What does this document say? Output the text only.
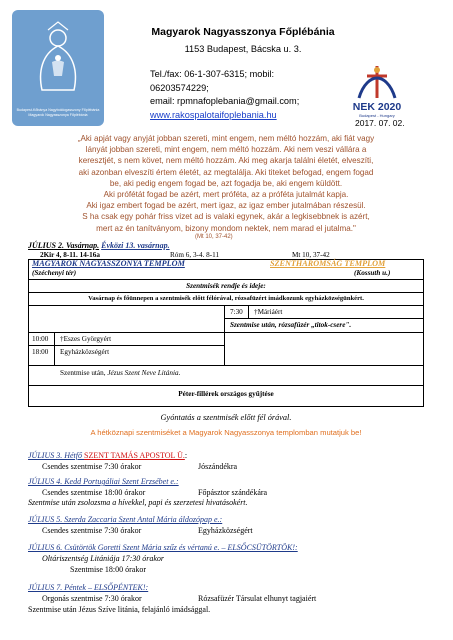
Budapest-Kőbánya Nagyboldogasszony Főplébánia Magyarok Nagyasszonya Főplébánia
Magyarok Nagyasszonya Főplébánia
1153 Budapest, Bácska u. 3.
Tel./fax: 06-1-307-6315; mobil:
06203574229;
email: rpmnafoplebania@gmail.com;
www.rakospalotaifoplebania.hu
NEK 2020
Budapest - Hungary
2017. 07. 02.
„Aki apját vagy anyját jobban szereti, mint engem, nem méltó hozzám, aki fiát vagy
lányát jobban szereti, mint engem, nem méltó hozzám. Aki nem veszi vállára a
keresztjét, s nem követ, nem méltó hozzám. Aki meg akarja találni életét, elveszíti,
aki azonban elveszíti értem életét, az megtalálja. Aki titeket befogad, engem fogad
be, aki pedig engem fogad be, azt fogadja be, aki engem küldött.
Aki prófétát fogad be azért, mert próféta, az a próféta jutalmát kapja.
Aki igaz embert fogad be azért, mert igaz, az igaz ember jutalmában részesül.
S ha csak egy pohár friss vizet ad is valaki egynek, akár a legkisebbnek is azért,
mert az én tanítványom, bizony mondom nektek, nem marad el jutalma."
(Mt 10, 37-42)
JÚLIUS 2. Vasárnap. Évközi 13. vasárnap.
2Kir 4, 8-11. 14-16a	Róm 6, 3-4. 8-11	Mt 10, 37-42
MAGYAROK NAGYASSZONYA TEMPLOM	SZENTHÁROMSÁG TEMPLOM
(Széchenyi tér)	(Kossuth u.)
Szentmisék rendje és ideje:
Vasárnap és főünnepen a szentmisék előtt félórával, rózsafüzért imádkozunk egyházközségünkért.
7:30 †Máriáért
Szentmise után, rózsafüzér „titok-csere".
10:00 †Eszes Györgyért
18:00 Egyházközségért
Szentmise után, Jézus Szent Neve Litánia.
Péter-fillérek országos gyűjtése
Gyóntatás a szentmisék előtt fél órával.
A hétköznapi szentmiséket a Magyarok Nagyasszonya templomban mutatjuk be!
JÚLIUS 3. Hétfő SZENT TAMÁS APOSTOL Ü.:
Csendes szentmise 7:30 órakor	Jószándékra
JÚLIUS 4. Kedd Portugáliai Szent Erzsébet e.:
Csendes szentmise 18:00 órakor	Főpásztor szándékára
Szentmise után zsolozsma a hívekkel, papi és szerzetesi hivatásokért.
JÚLIUS 5. Szerda Zaccaria Szent Antal Mária áldozópap e.:
Csendes szentmise 7:30 órakor	Egyházközségért
JÚLIUS 6. Csütörtök Goretti Szent Mária szűz és vértanú e. – ELSŐCSÜTÖRTÖK!:
Oltáriszentség Litániája 17:30 órakor
Szentmise 18:00 órakor
JÚLIUS 7. Péntek – ELSŐPÉNTEK!:
Orgonás szentmise 7:30 órakor	Rózsafüzér Társulat elhunyt tagjaiért
Szentmise után Jézus Szíve litánia, felajánló imádsággal.
